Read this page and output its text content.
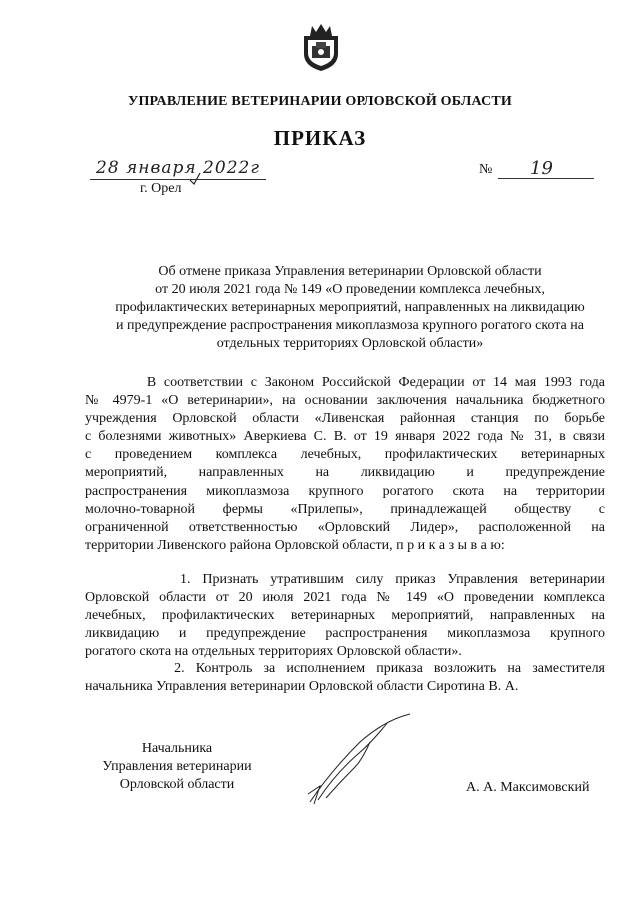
УПРАВЛЕНИЕ ВЕТЕРИНАРИИ ОРЛОВСКОЙ ОБЛАСТИ
ПРИКАЗ
28 января 2022г
г. Орел
№ 19
Об отмене приказа Управления ветеринарии Орловской области
от 20 июля 2021 года № 149 «О проведении комплекса лечебных,
профилактических ветеринарных мероприятий, направленных на ликвидацию
и предупреждение распространения микоплазмоза крупного рогатого скота на
отдельных территориях Орловской области»
В соответствии с Законом Российской Федерации от 14 мая 1993 года
№ 4979-1 «О ветеринарии», на основании заключения начальника бюджетного
учреждения Орловской области «Ливенская районная станция по борьбе
с болезнями животных» Аверкиева С. В. от 19 января 2022 года № 31, в связи
с проведением комплекса лечебных, профилактических ветеринарных
мероприятий, направленных на ликвидацию и предупреждение
распространения микоплазмоза крупного рогатого скота на территории
молочно-товарной фермы «Прилепы», принадлежащей обществу с
ограниченной ответственностью «Орловский Лидер», расположенной на
территории Ливенского района Орловской области, п р и к а з ы в а ю:
1. Признать утратившим силу приказ Управления ветеринарии
Орловской области от 20 июля 2021 года № 149 «О проведении комплекса
лечебных, профилактических ветеринарных мероприятий, направленных на
ликвидацию и предупреждение распространения микоплазмоза крупного
рогатого скота на отдельных территориях Орловской области».
2. Контроль за исполнением приказа возложить на заместителя
начальника Управления ветеринарии Орловской области Сиротина В. А.
Начальника
Управления ветеринарии
Орловской области	А. А. Максимовский
